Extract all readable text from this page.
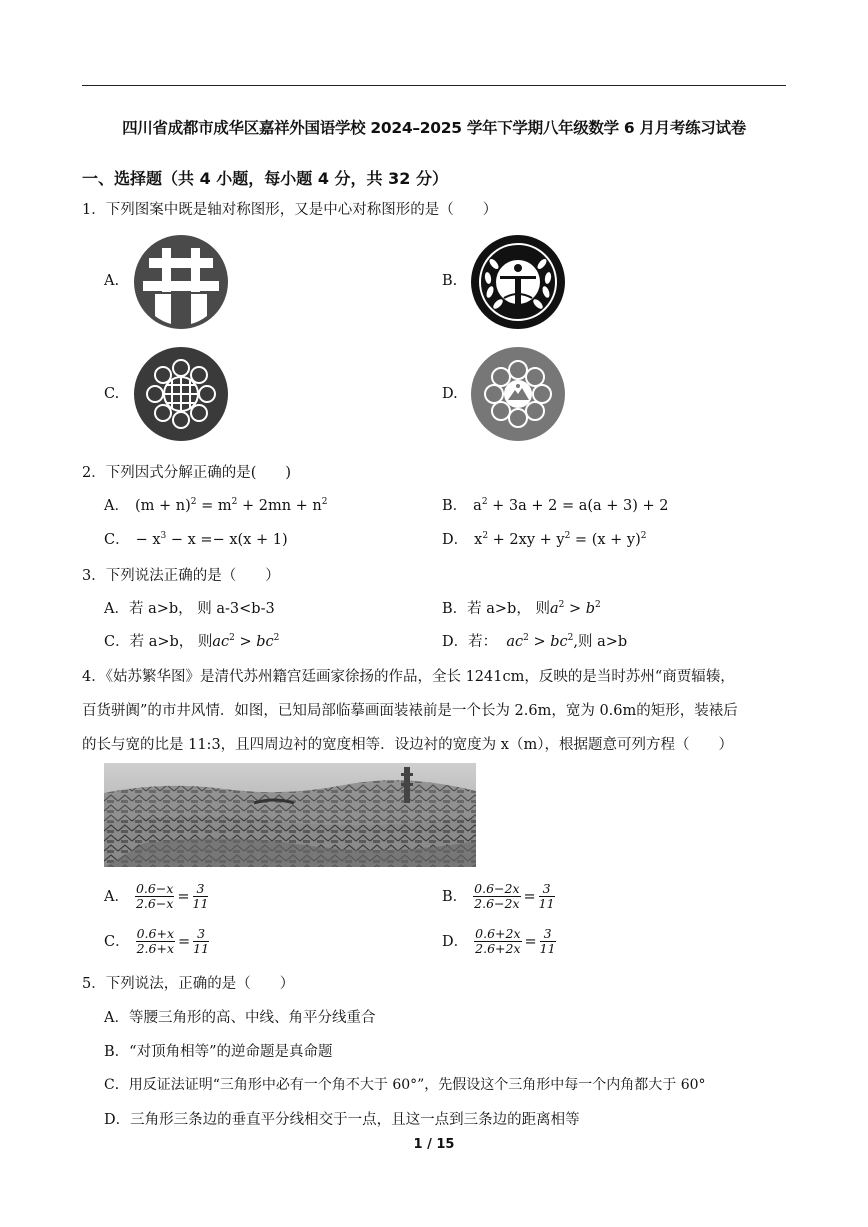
四川省成都市成华区嘉祥外国语学校 2024–2025 学年下学期八年级数学 6 月月考练习试卷
一、选择题（共 4 小题，每小题 4 分，共 32 分）
1．下列图案中既是轴对称图形，又是中心对称图形的是（　　）
A.	B.
C.	D.
2．下列因式分解正确的是(　　)
A． $(m + n)^2 = m^2 + 2mn + n^2$	B． $a^2 + 3a + 2 = a(a + 3) + 2$
C． − $x^3 - x =- x(x + 1)$	D． $x^2 + 2xy + y^2 = (x + y)^2$
3．下列说法正确的是（　　）
A．若 a>b， 则 a-3<b-3	B．若 a>b， 则$a^2 > b^2$
C．若 a>b， 则$ac^2 > bc^2$	D．若： $ac^2 > bc^2$,则 a>b
4．《姑苏繁华图》是清代苏州籍宫廷画家徐扬的作品，全长 1241cm，反映的是当时苏州“商贾辐辏，
百货骈阗”的市井风情．如图，已知局部临摹画面装裱前是一个长为 2.6m，宽为 0.6m的矩形，装裱后
的长与宽的比是 11:3，且四周边衬的宽度相等．设边衬的宽度为 x（m），根据题意可列方程（　　）
A． $\frac{0.6-x}{2.6-x} = \frac{3}{11}$	B． $\frac{0.6-2x}{2.6-2x} = \frac{3}{11}$
C． $\frac{0.6+x}{2.6+x} = \frac{3}{11}$	D． $\frac{0.6+2x}{2.6+2x} = \frac{3}{11}$
5．下列说法，正确的是（　　）
A．等腰三角形的高、中线、角平分线重合
B．“对顶角相等”的逆命题是真命题
C．用反证法证明“三角形中必有一个角不大于 60°”，先假设这个三角形中每一个内角都大于 60°
D．三角形三条边的垂直平分线相交于一点，且这一点到三条边的距离相等
1 / 15
